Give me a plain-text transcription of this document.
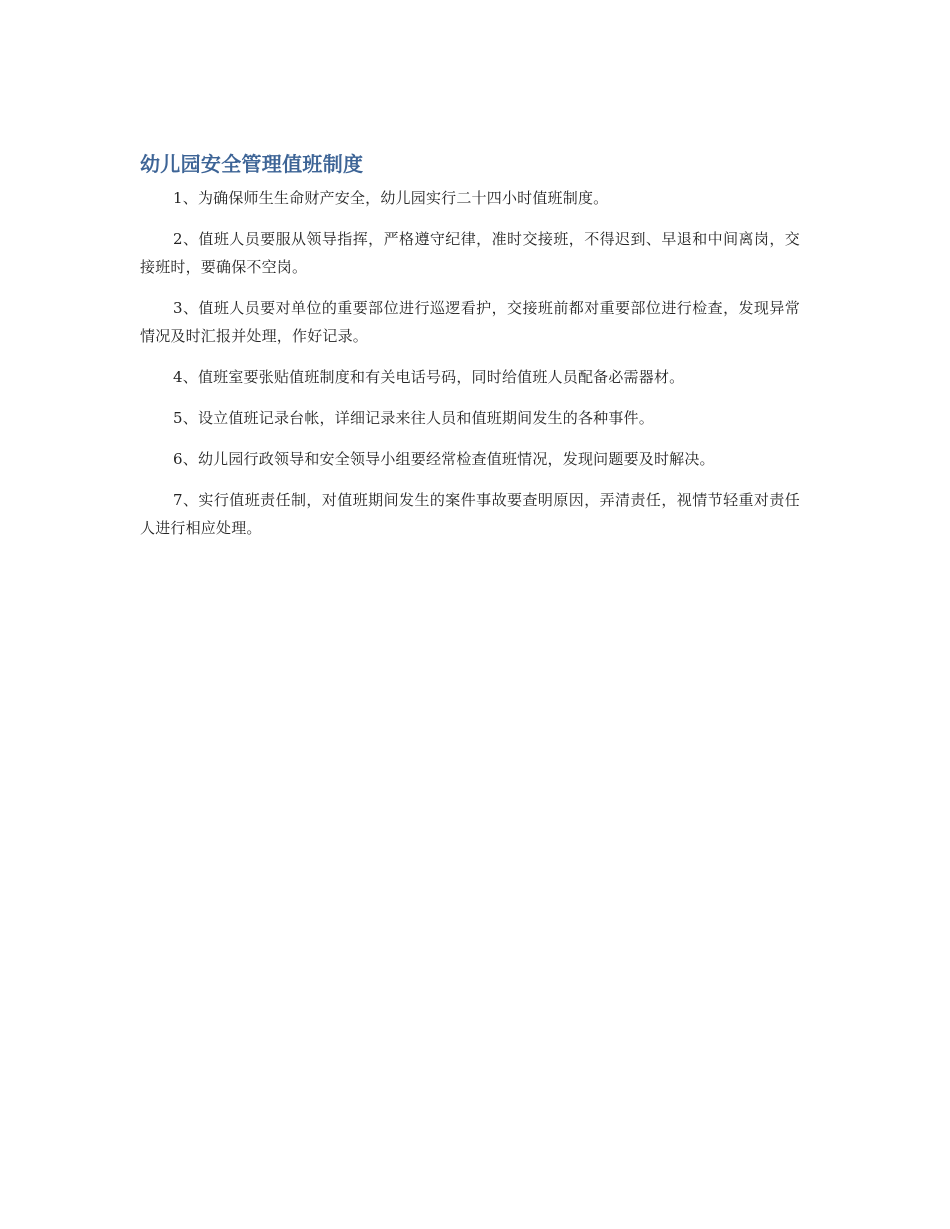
幼儿园安全管理值班制度

1、为确保师生生命财产安全，幼儿园实行二十四小时值班制度。

2、值班人员要服从领导指挥，严格遵守纪律，准时交接班，不得迟到、早退和中间离岗，交接班时，要确保不空岗。

3、值班人员要对单位的重要部位进行巡逻看护，交接班前都对重要部位进行检查，发现异常情况及时汇报并处理，作好记录。

4、值班室要张贴值班制度和有关电话号码，同时给值班人员配备必需器材。

5、设立值班记录台帐，详细记录来往人员和值班期间发生的各种事件。

6、幼儿园行政领导和安全领导小组要经常检查值班情况，发现问题要及时解决。

7、实行值班责任制，对值班期间发生的案件事故要查明原因，弄清责任，视情节轻重对责任人进行相应处理。
